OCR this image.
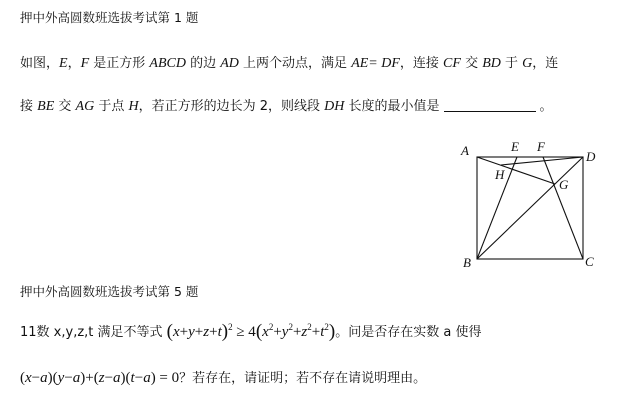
押中外高圆数班选拔考试第 1 题
如图，E，F 是正方形 ABCD 的边 AD 上两个动点，满足 AE= DF，连接 CF 交 BD 于 G，连
接 BE 交 AG 于点 H，若正方形的边长为 2，则线段 DH 长度的最小值是	。
A
B	C
D
E F
G
H
押中外高圆数班选拔考试第 5 题
11数 x,y,z,t 满足不等式 $(x+y+z+t)^2 \ge 4(x^2+y^2+z^2+t^2)$。问是否存在实数 a 使得
(x−a)(y−a)+(z−a)(t−a) = 0？若存在，请证明；若不存在请说明理由。
